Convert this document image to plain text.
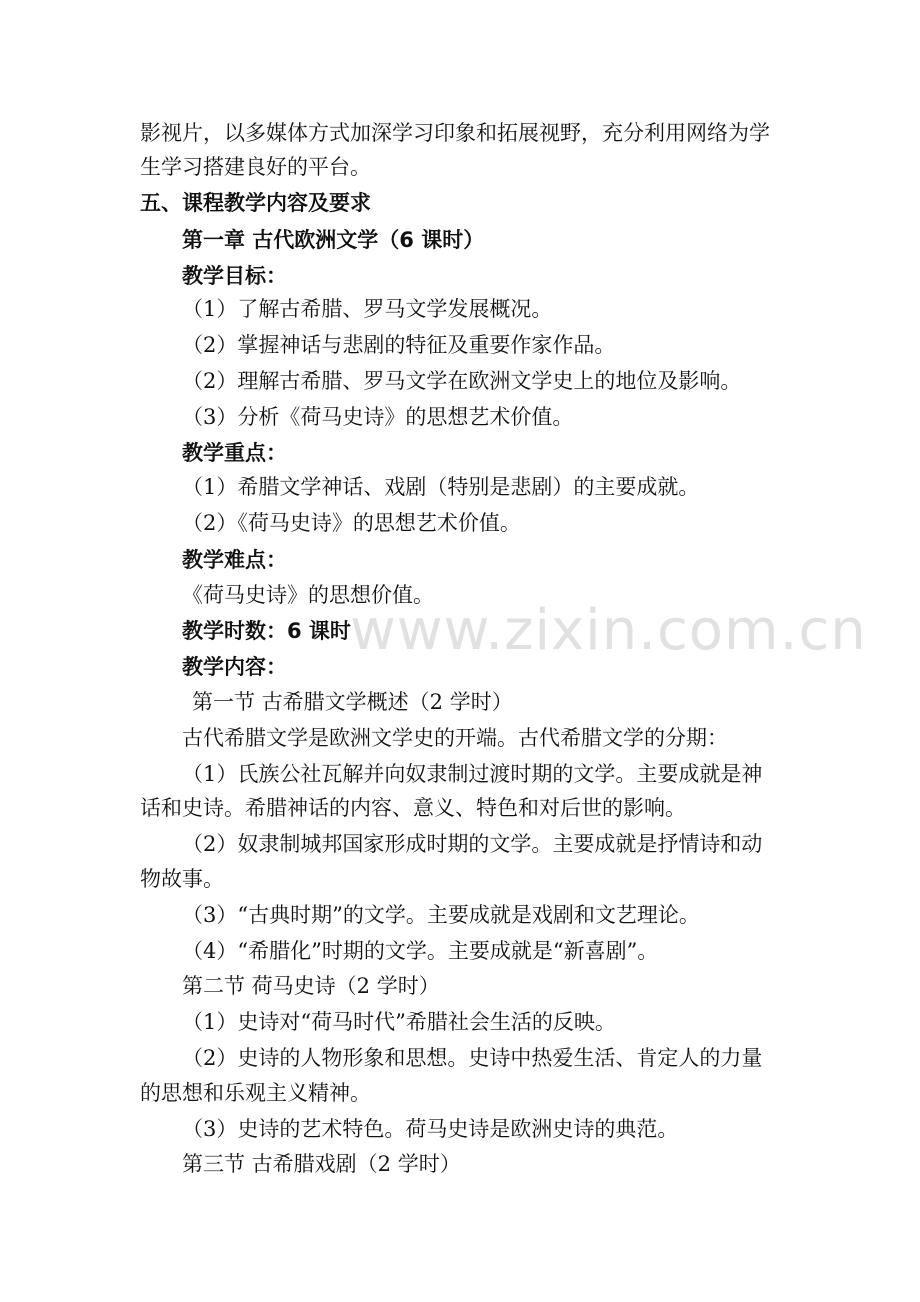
影视片，以多媒体方式加深学习印象和拓展视野，充分利用网络为学
生学习搭建良好的平台。
五、课程教学内容及要求
第一章 古代欧洲文学（6 课时）
教学目标：
（1）了解古希腊、罗马文学发展概况。
（2）掌握神话与悲剧的特征及重要作家作品。
（2）理解古希腊、罗马文学在欧洲文学史上的地位及影响。
（3）分析《荷马史诗》的思想艺术价值。
教学重点：
（1）希腊文学神话、戏剧（特别是悲剧）的主要成就。
（2）《荷马史诗》的思想艺术价值。
教学难点：
《荷马史诗》的思想价值。
教学时数：6 课时
教学内容：
第一节 古希腊文学概述（2 学时）
古代希腊文学是欧洲文学史的开端。古代希腊文学的分期：
（1）氏族公社瓦解并向奴隶制过渡时期的文学。主要成就是神
话和史诗。希腊神话的内容、意义、特色和对后世的影响。
（2）奴隶制城邦国家形成时期的文学。主要成就是抒情诗和动
物故事。
（3）“古典时期”的文学。主要成就是戏剧和文艺理论。
（4）“希腊化”时期的文学。主要成就是“新喜剧”。
第二节 荷马史诗（2 学时）
（1）史诗对“荷马时代”希腊社会生活的反映。
（2）史诗的人物形象和思想。史诗中热爱生活、肯定人的力量
的思想和乐观主义精神。
（3）史诗的艺术特色。荷马史诗是欧洲史诗的典范。
第三节 古希腊戏剧（2 学时）
www.zixin.com.cn
